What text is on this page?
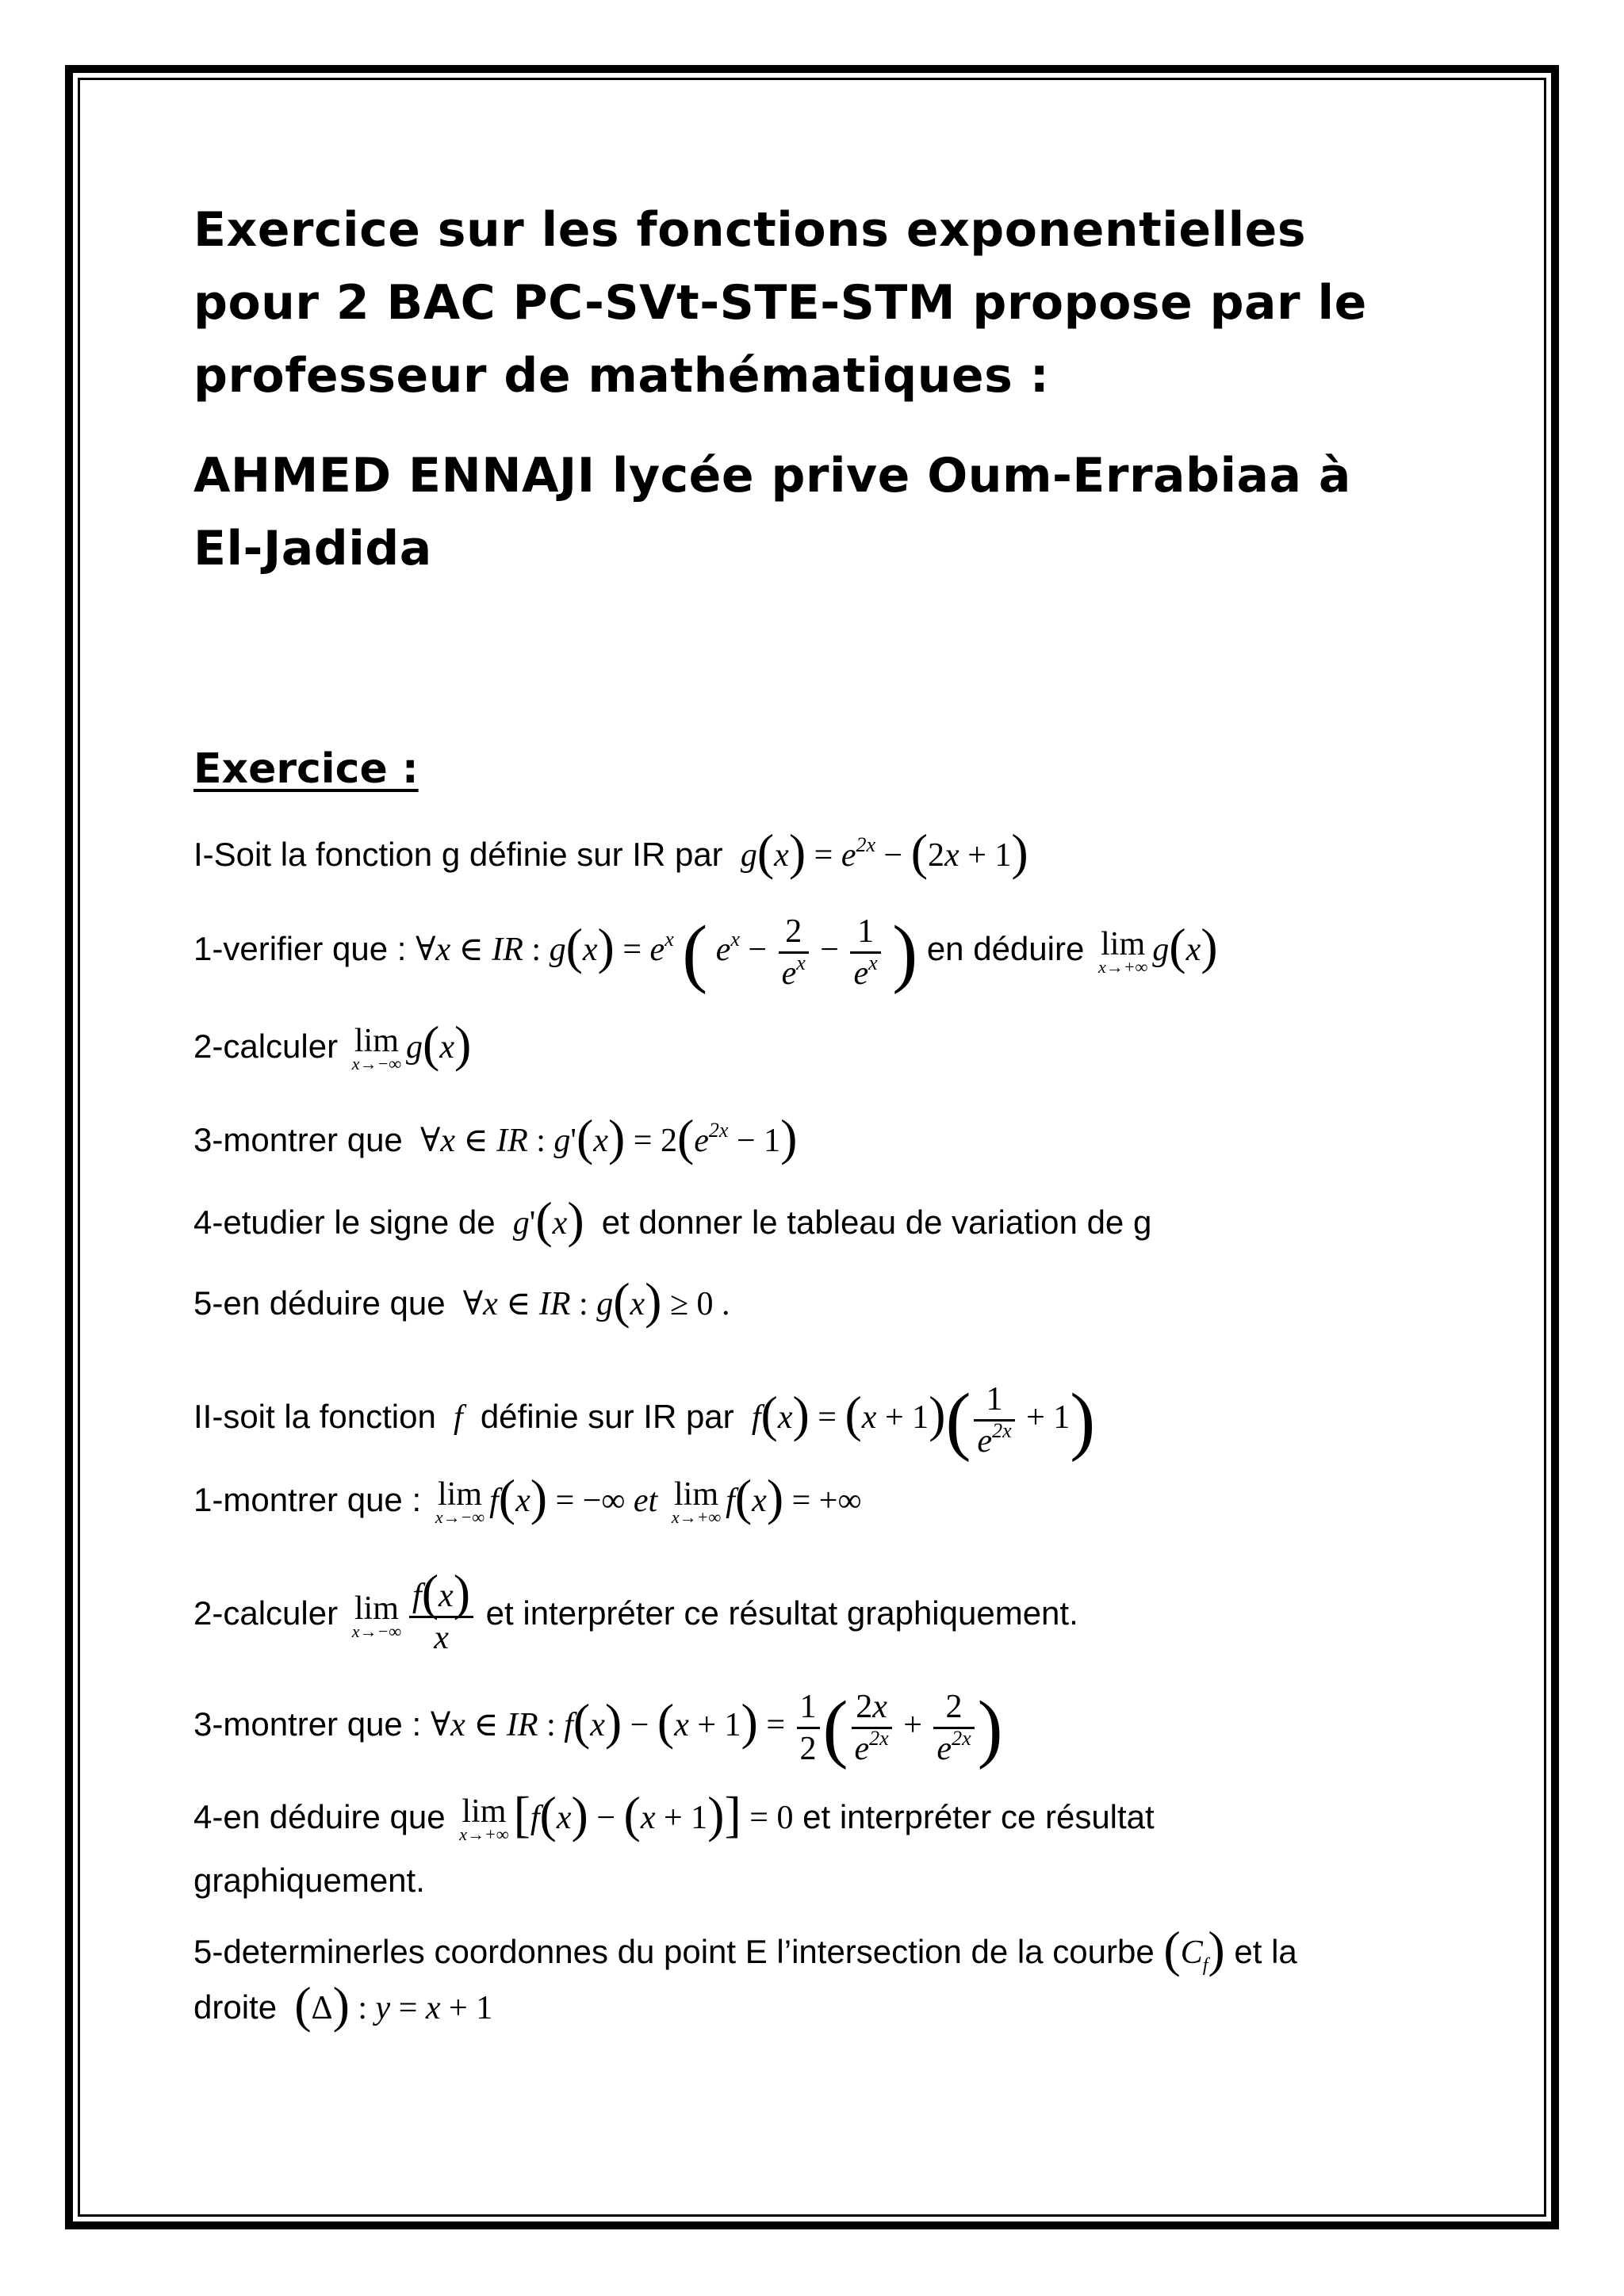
Exercice sur les fonctions exponentielles
pour 2 BAC PC-SVt-STE-STM propose par le
professeur de mathématiques :
AHMED ENNAJI lycée prive Oum-Errabiaa à
El-Jadida
Exercice :
I-Soit la fonction g définie sur IR par  $g(x) = e^{2x} - (2x + 1)$
1-verifier que : ∀x ∈ IR : $g(x) = e^x$ ( $e^x - \frac{2}{e^x} - \frac{1}{e^x}$ ) en déduire lim
x→+∞ g(x)
2-calculer lim
x→−∞ g(x)
3-montrer que ∀x ∈ IR : $g'(x) = 2(e^{2x} - 1)$
4-etudier le signe de  g'(x) et donner le tableau de variation de g
5-en déduire que ∀x ∈ IR : g(x) ≥ 0 .
II-soit la fonction  f  définie sur IR par  $f(x) = (x + 1)( \frac{1}{e^{2x}} + 1)$
1-montrer que : lim
x→−∞ f(x) = −∞ et lim
x→+∞ f(x) = +∞
2-calculer lim
$x\to-\infty \frac{f(x)}{x}$ et interpréter ce résultat graphiquement.
3-montrer que : ∀x ∈ IR : $f(x) - (x + 1) = \frac{1}{2}$ ( $\frac{2x}{e^{2x}} + \frac{2}{e^{2x}}$ )
4-en déduire que lim
x→+∞ [f(x) − (x + 1)] = 0 et interpréter ce résultat
graphiquement.
5-determinerles coordonnes du point E l’intersection de la courbe $(C_f)$ et la
droite (Δ) : y = x + 1
